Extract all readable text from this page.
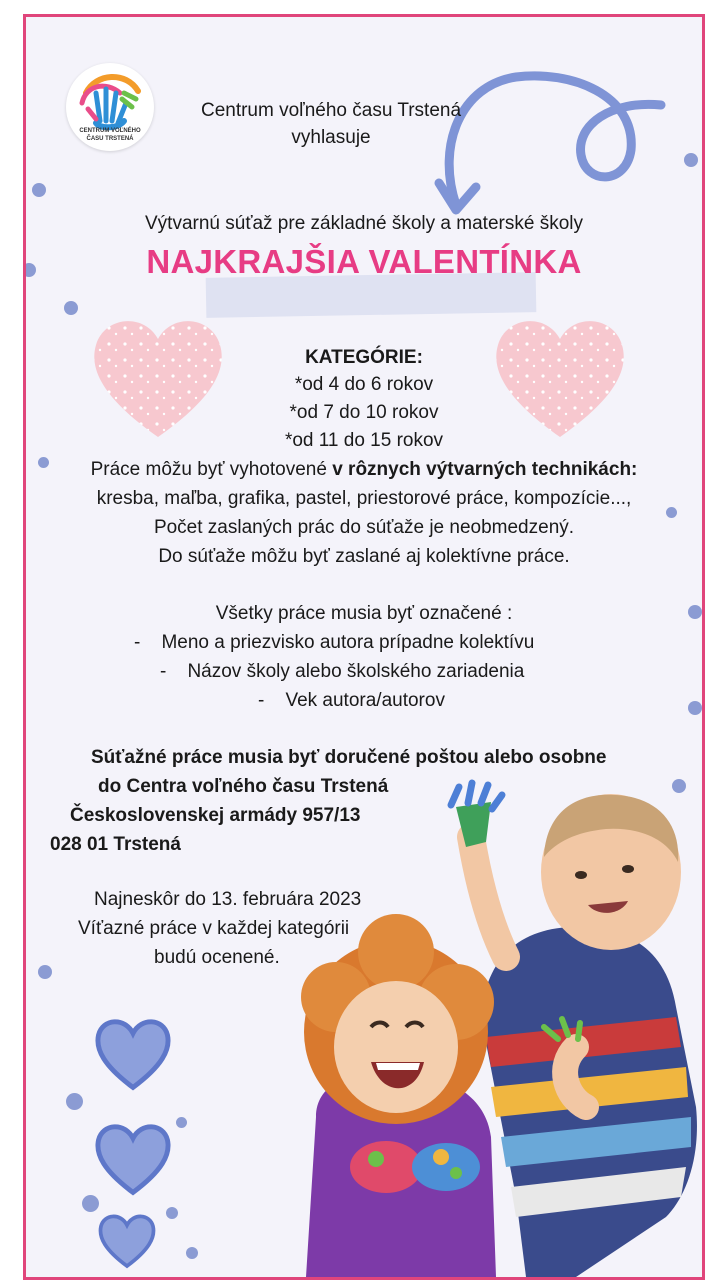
CENTRUM VOĽNÉHO
ČASU TRSTENÁ
Centrum voľného času Trstená
vyhlasuje
Výtvarnú súťaž pre základné školy a materské školy
NAJKRAJŠIA VALENTÍNKA
KATEGÓRIE:
*od 4 do 6 rokov
*od 7 do 10 rokov
*od 11 do 15 rokov
Práce môžu byť vyhotovené v rôznych výtvarných technikách:
kresba, maľba, grafika, pastel, priestorové práce, kompozície...,
Počet zaslaných prác do súťaže je neobmedzený.
Do súťaže môžu byť zaslané aj kolektívne práce.
Všetky práce musia byť označené :
-    Meno a priezvisko autora prípadne kolektívu
-    Názov školy alebo školského zariadenia
-    Vek autora/autorov
Súťažné práce musia byť doručené poštou alebo osobne
do Centra voľného času Trstená
Československej armády 957/13
028 01 Trstená
Najneskôr do 13. februára 2023
Víťazné práce v každej kategórii
budú ocenené.
